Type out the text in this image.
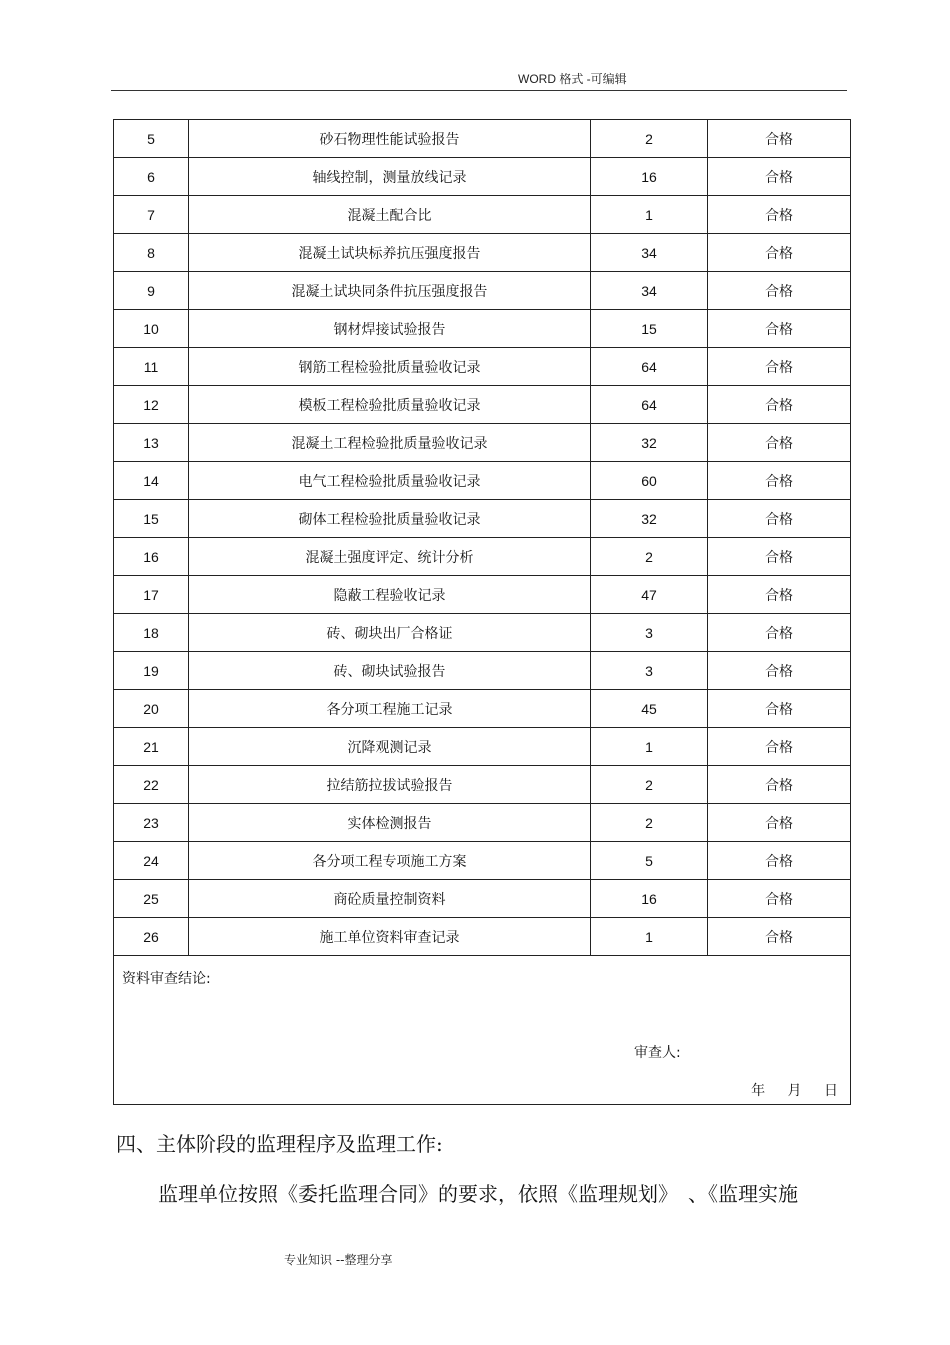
WORD 格式 -可编辑
5	砂石物理性能试验报告	2	合格
6	轴线控制，测量放线记录	16	合格
7	混凝土配合比	1	合格
8	混凝土试块标养抗压强度报告	34	合格
9	混凝土试块同条件抗压强度报告	34	合格
10	钢材焊接试验报告	15	合格
11	钢筋工程检验批质量验收记录	64	合格
12	模板工程检验批质量验收记录	64	合格
13	混凝土工程检验批质量验收记录	32	合格
14	电气工程检验批质量验收记录	60	合格
15	砌体工程检验批质量验收记录	32	合格
16	混凝土强度评定、统计分析	2	合格
17	隐蔽工程验收记录	47	合格
18	砖、砌块出厂合格证	3	合格
19	砖、砌块试验报告	3	合格
20	各分项工程施工记录	45	合格
21	沉降观测记录	1	合格
22	拉结筋拉拔试验报告	2	合格
23	实体检测报告	2	合格
24	各分项工程专项施工方案	5	合格
25	商砼质量控制资料	16	合格
26	施工单位资料审查记录	1	合格

资料审查结论:
审查人:
年 月 日			
四、主体阶段的监理程序及监理工作:
监理单位按照《委托监理合同》的要求，依照《监理规划》　、《监理实施
专业知识 --整理分享
